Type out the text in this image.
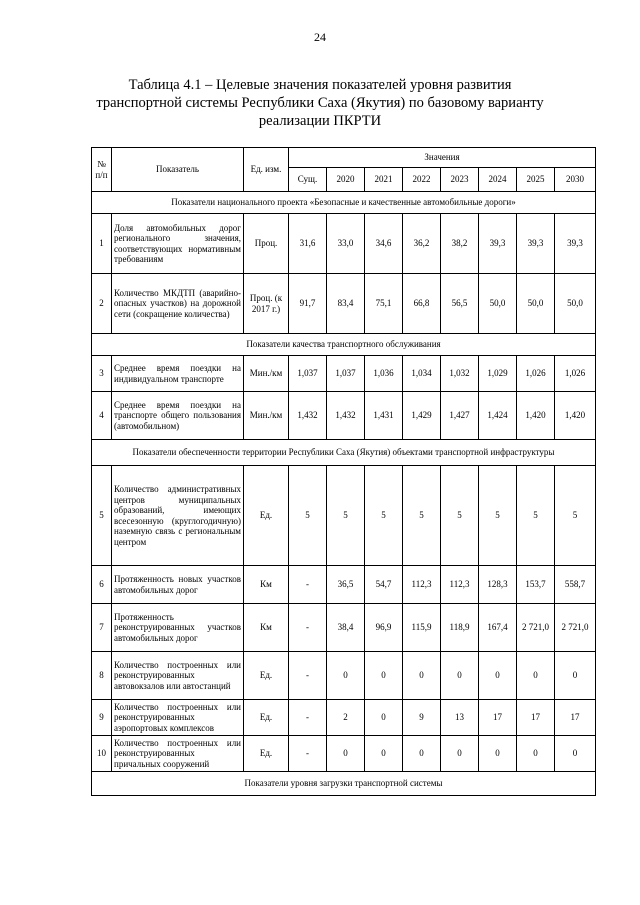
24
Таблица 4.1 – Целевые значения показателей уровня развития
транспортной системы Республики Саха (Якутия) по базовому варианту
реализации ПКРТИ
№ п/п	Показатель	Ед. изм.	Значения							
			Сущ.	2020	2021	2022	2023	2024	2025	2030
Показатели национального проекта «Безопасные и качественные автомобильные дороги»										
1	Доля автомобильных дорог регионального значения, соответствующих нормативным требованиям	Проц.	31,6	33,0	34,6	36,2	38,2	39,3	39,3	39,3
2	Количество МКДТП (аварийно-опасных участков) на дорожной сети (сокращение количества)	Проц. (к 2017 г.)	91,7	83,4	75,1	66,8	56,5	50,0	50,0	50,0
Показатели качества транспортного обслуживания										
3	Среднее время поездки на индивидуальном транспорте	Мин./км	1,037	1,037	1,036	1,034	1,032	1,029	1,026	1,026
4	Среднее время поездки на транспорте общего пользования (автомобильном)	Мин./км	1,432	1,432	1,431	1,429	1,427	1,424	1,420	1,420
Показатели обеспеченности территории Республики Саха (Якутия) объектами транспортной инфраструктуры										
5	Количество административных центров муниципальных образований, имеющих всесезонную (круглогодичную) наземную связь с региональным центром	Ед.	5	5	5	5	5	5	5	5
6	Протяженность новых участков автомобильных дорог	Км	-	36,5	54,7	112,3	112,3	128,3	153,7	558,7
7	Протяженность реконструированных участков автомобильных дорог	Км	-	38,4	96,9	115,9	118,9	167,4	2 721,0	2 721,0
8	Количество построенных или реконструированных автовокзалов или автостанций	Ед.	-	0	0	0	0	0	0	0
9	Количество построенных или реконструированных аэропортовых комплексов	Ед.	-	2	0	9	13	17	17	17
10	Количество построенных или реконструированных причальных сооружений	Ед.	-	0	0	0	0	0	0	0
Показатели уровня загрузки транспортной системы										
